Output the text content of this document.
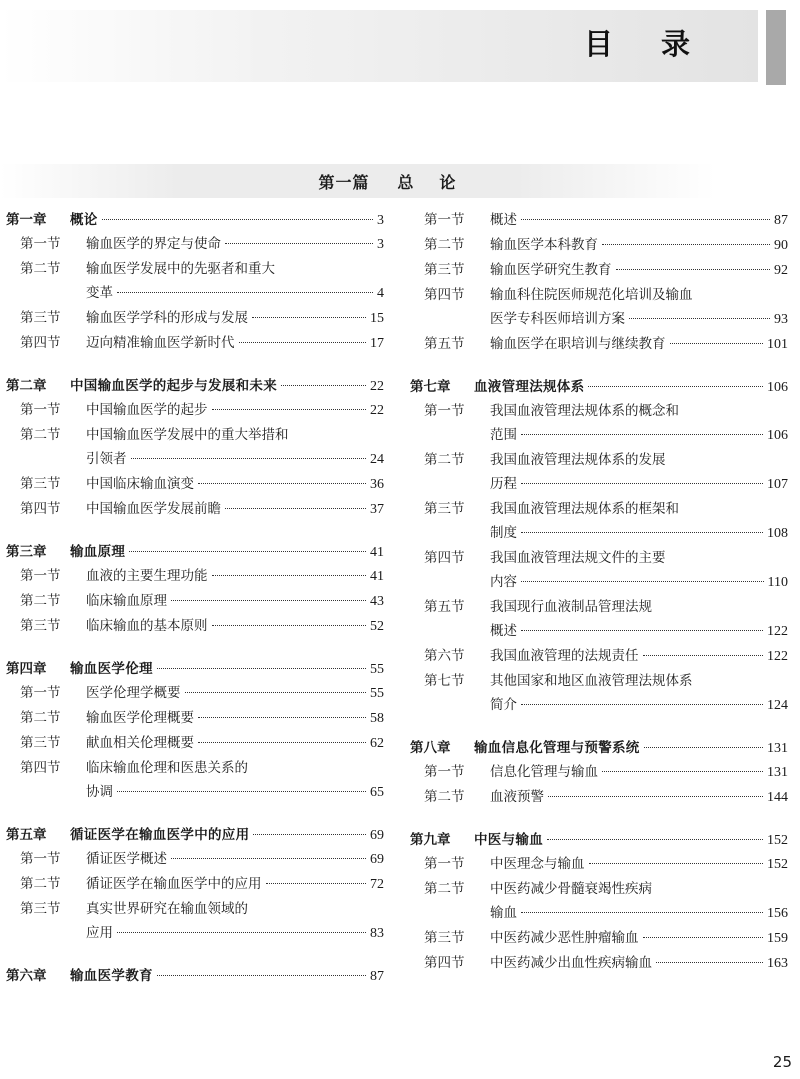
目录
第一篇 总论
第一章	概论	3
第一节	输血医学的界定与使命	3
第二节	输血医学发展中的先驱者和重大
变革	4
第三节	输血医学学科的形成与发展	15
第四节	迈向精准输血医学新时代	17
第二章	中国输血医学的起步与发展和未来	22
第一节	中国输血医学的起步	22
第二节	中国输血医学发展中的重大举措和
引领者	24
第三节	中国临床输血演变	36
第四节	中国输血医学发展前瞻	37
第三章	输血原理	41
第一节	血液的主要生理功能	41
第二节	临床输血原理	43
第三节	临床输血的基本原则	52
第四章	输血医学伦理	55
第一节	医学伦理学概要	55
第二节	输血医学伦理概要	58
第三节	献血相关伦理概要	62
第四节	临床输血伦理和医患关系的
协调	65
第五章	循证医学在输血医学中的应用	69
第一节	循证医学概述	69
第二节	循证医学在输血医学中的应用	72
第三节	真实世界研究在输血领域的
应用	83
第六章	输血医学教育	87
第一节	概述	87
第二节	输血医学本科教育	90
第三节	输血医学研究生教育	92
第四节	输血科住院医师规范化培训及输血
医学专科医师培训方案	93
第五节	输血医学在职培训与继续教育	101
第七章	血液管理法规体系	106
第一节	我国血液管理法规体系的概念和
范围	106
第二节	我国血液管理法规体系的发展
历程	107
第三节	我国血液管理法规体系的框架和
制度	108
第四节	我国血液管理法规文件的主要
内容	110
第五节	我国现行血液制品管理法规
概述	122
第六节	我国血液管理的法规责任	122
第七节	其他国家和地区血液管理法规体系
简介	124
第八章	输血信息化管理与预警系统	131
第一节	信息化管理与输血	131
第二节	血液预警	144
第九章	中医与输血	152
第一节	中医理念与输血	152
第二节	中医药减少骨髓衰竭性疾病
输血	156
第三节	中医药减少恶性肿瘤输血	159
第四节	中医药减少出血性疾病输血	163
25
